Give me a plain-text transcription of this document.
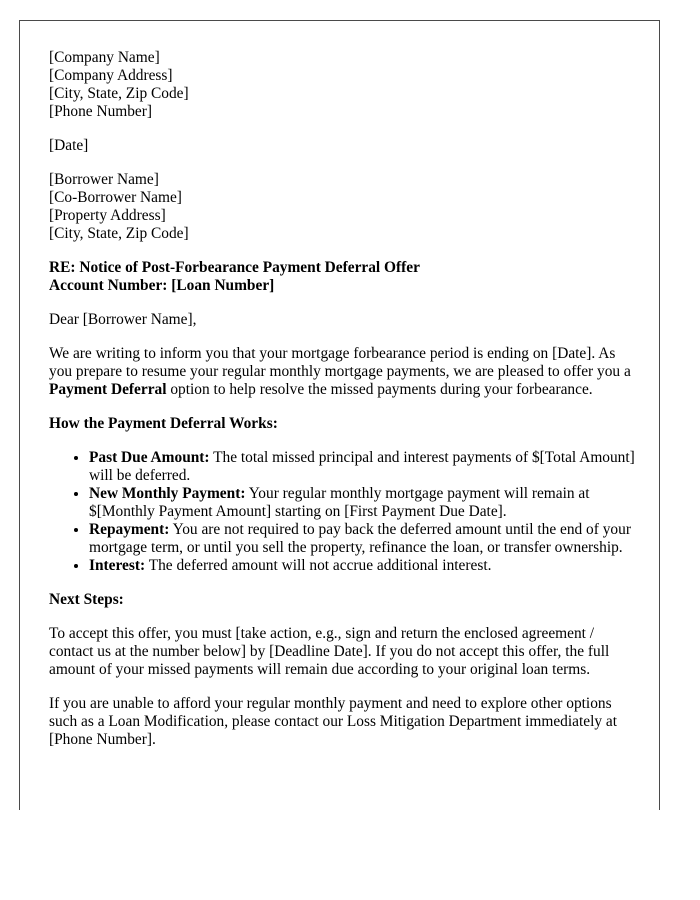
[Company Name]
[Company Address]
[City, State, Zip Code]
[Phone Number]
[Date]
[Borrower Name]
[Co-Borrower Name]
[Property Address]
[City, State, Zip Code]
RE: Notice of Post-Forbearance Payment Deferral Offer
Account Number: [Loan Number]

Dear [Borrower Name],

We are writing to inform you that your mortgage forbearance period is ending on [Date]. As you prepare to resume your regular monthly mortgage payments, we are pleased to offer you a Payment Deferral option to help resolve the missed payments during your forbearance.

How the Payment Deferral Works:
• Past Due Amount: The total missed principal and interest payments of $[Total Amount] will be deferred.
• New Monthly Payment: Your regular monthly mortgage payment will remain at $[Monthly Payment Amount] starting on [First Payment Due Date].
• Repayment: You are not required to pay back the deferred amount until the end of your mortgage term, or until you sell the property, refinance the loan, or transfer ownership.
• Interest: The deferred amount will not accrue additional interest.
Next Steps:

To accept this offer, you must [take action, e.g., sign and return the enclosed agreement / contact us at the number below] by [Deadline Date]. If you do not accept this offer, the full amount of your missed payments will remain due according to your original loan terms.

If you are unable to afford your regular monthly payment and need to explore other options such as a Loan Modification, please contact our Loss Mitigation Department immediately at [Phone Number].
